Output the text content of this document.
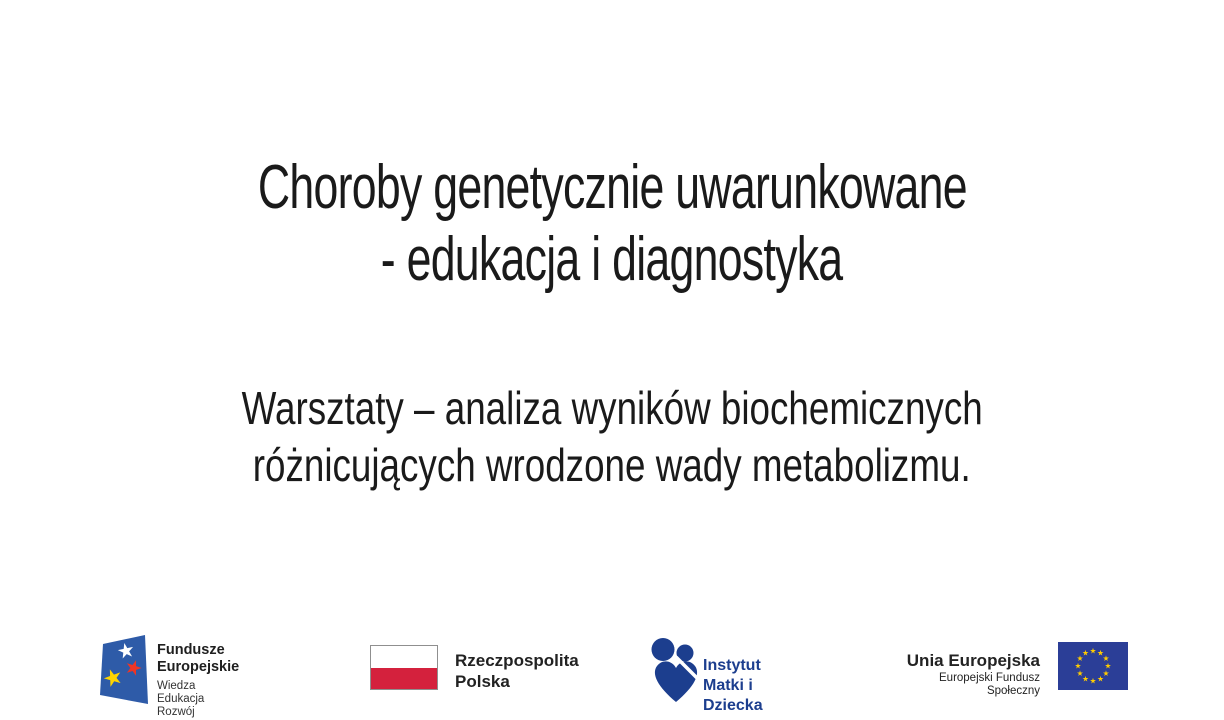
Choroby genetycznie uwarunkowane
- edukacja i diagnostyka
Warsztaty – analiza wyników biochemicznych
różnicujących wrodzone wady metabolizmu.
Fundusze
Europejskie
Wiedza Edukacja Rozwój
Rzeczpospolita
Polska
Instytut
Matki i Dziecka
Unia Europejska
Europejski Fundusz Społeczny
